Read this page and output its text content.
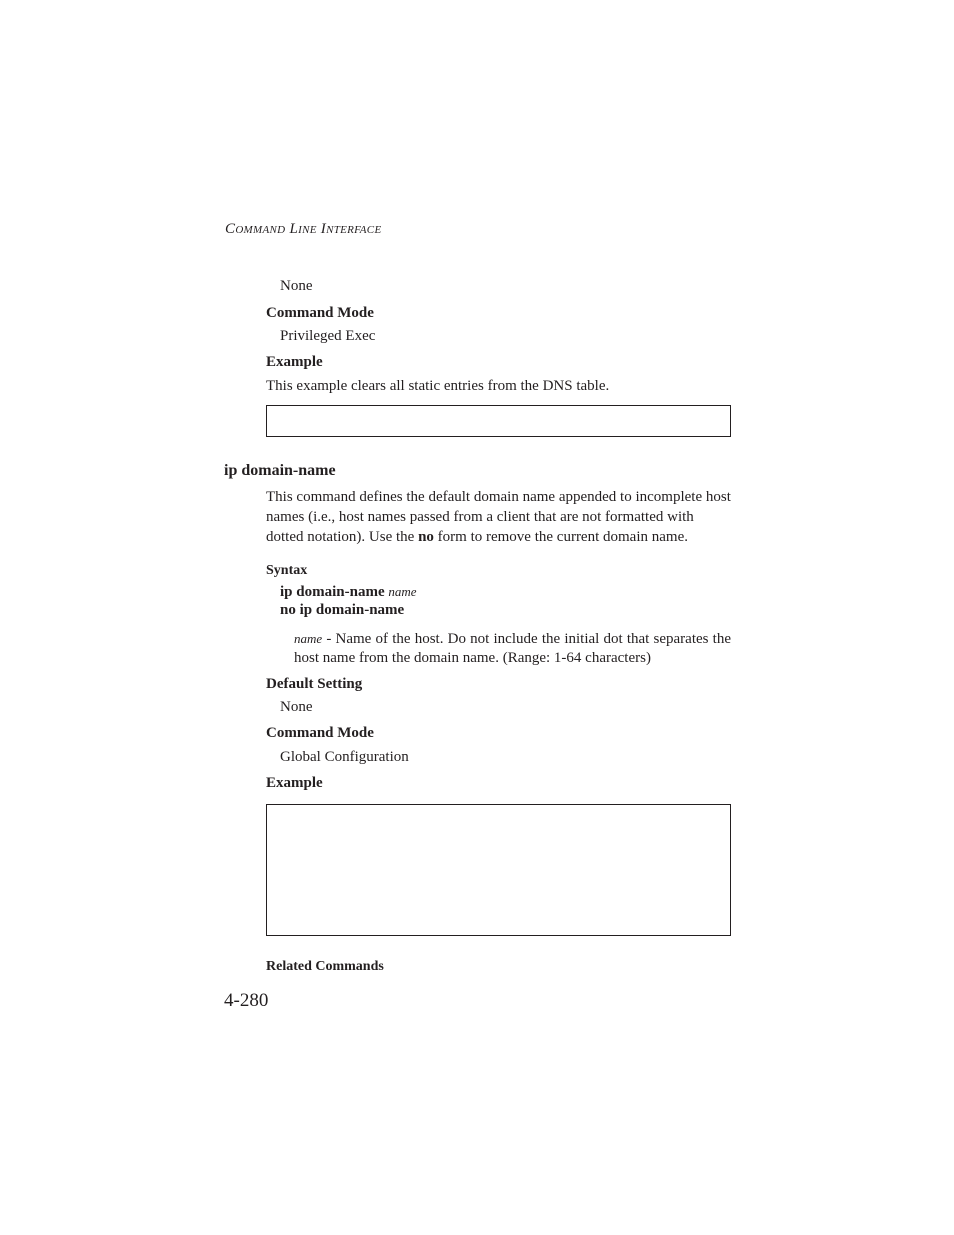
COMMAND LINE INTERFACE
None
Command Mode
Privileged Exec
Example
This example clears all static entries from the DNS table.
ip domain-name
This command defines the default domain name appended to incomplete host names (i.e., host names passed from a client that are not formatted with dotted notation). Use the no form to remove the current domain name.
Syntax
ip domain-name name
no ip domain-name
name - Name of the host. Do not include the initial dot that separates the host name from the domain name. (Range: 1-64 characters)
Default Setting
None
Command Mode
Global Configuration
Example
Related Commands
4-280
